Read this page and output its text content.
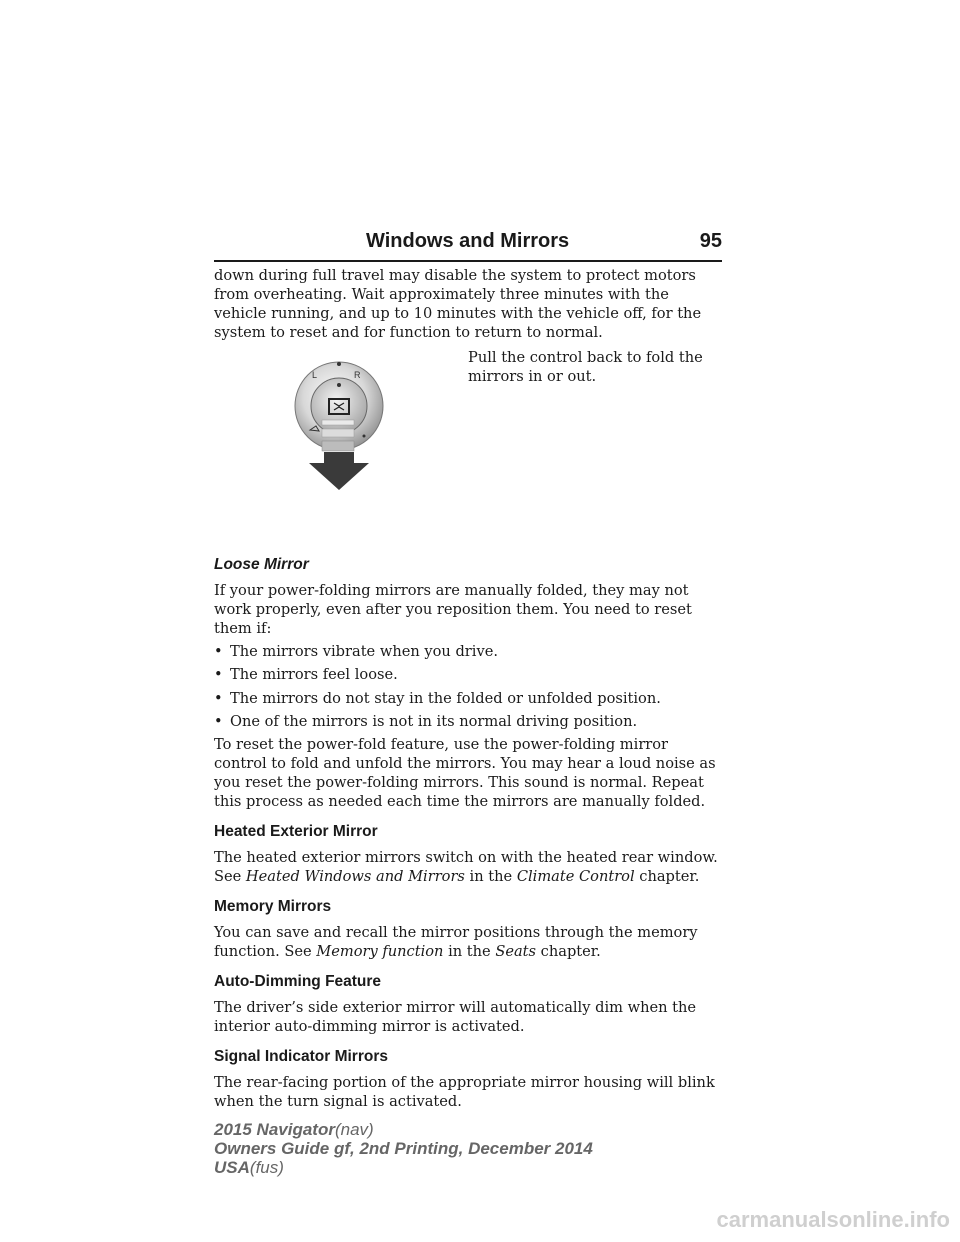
Windows and Mirrors	95

down during full travel may disable the system to protect motors from overheating. Wait approximately three minutes with the vehicle running, and up to 10 minutes with the vehicle off, for the system to reset and for function to return to normal.

L	R

Pull the control back to fold the mirrors in or out.

Loose Mirror

If your power-folding mirrors are manually folded, they may not work properly, even after you reposition them. You need to reset them if:

• The mirrors vibrate when you drive.
• The mirrors feel loose.
• The mirrors do not stay in the folded or unfolded position.
• One of the mirrors is not in its normal driving position.

To reset the power-fold feature, use the power-folding mirror control to fold and unfold the mirrors. You may hear a loud noise as you reset the power-folding mirrors. This sound is normal. Repeat this process as needed each time the mirrors are manually folded.

Heated Exterior Mirror

The heated exterior mirrors switch on with the heated rear window. See Heated Windows and Mirrors in the Climate Control chapter.

Memory Mirrors

You can save and recall the mirror positions through the memory function. See Memory function in the Seats chapter.

Auto-Dimming Feature

The driver’s side exterior mirror will automatically dim when the interior auto-dimming mirror is activated.

Signal Indicator Mirrors

The rear-facing portion of the appropriate mirror housing will blink when the turn signal is activated.

2015 Navigator(nav)
Owners Guide gf, 2nd Printing, December 2014
USA(fus)
carmanualsonline.info
